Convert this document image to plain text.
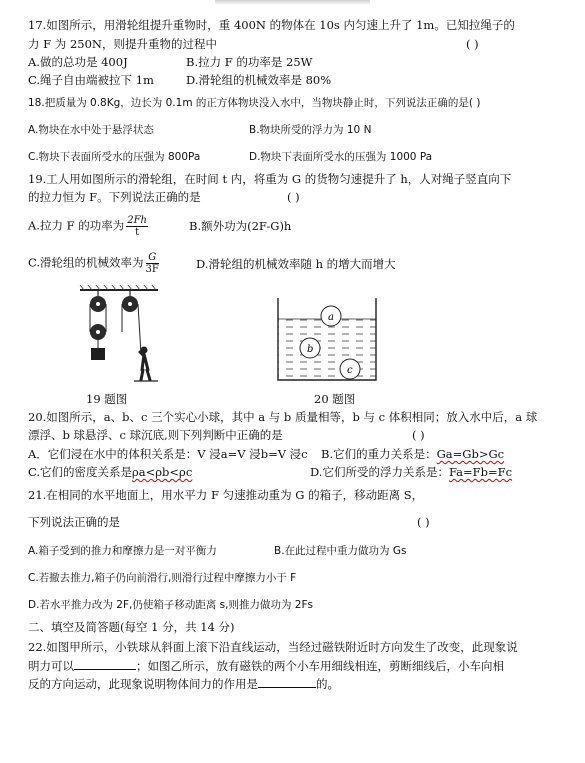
17.如图所示，用滑轮组提升重物时，重 400N 的物体在 10s 内匀速上升了 1m。已知拉绳子的
力 F 为 250N，则提升重物的过程中	( )
A.做的总功是 400J	B.拉力 F 的功率是 25W
C.绳子自由端被拉下 1m	D.滑轮组的机械效率是 80%
18.把质量为 0.8Kg，边长为 0.1m 的正方体物块没入水中，当物块静止时，下列说法正确的是( )
A.物块在水中处于悬浮状态	B.物块所受的浮力为 10 N
C.物块下表面所受水的压强为 800Pa	D.物块下表面所受水的压强为 1000 Pa
19.工人用如图所示的滑轮组，在时间 t 内，将重为 G 的货物匀速提升了 h，人对绳子竖直向下
的拉力恒为 F。下列说法正确的是	( )
A.拉力 F 的功率为 $\frac{2Fh}{t}$	B.额外功为(2F-G)h
C.滑轮组的机械效率为 $\frac{G}{3F}$	D.滑轮组的机械效率随 h 的增大而增大
19 题图
a
b
c
20 题图
20.如图所示，a、b、c 三个实心小球，其中 a 与 b 质量相等，b 与 c 体积相同；放入水中后，a 球
漂浮、b 球悬浮、c 球沉底,则下列判断中正确的是	( )
A．它们浸在水中的体积关系是：V 浸a=V 浸b=V 浸c B.它们的重力关系是：Ga=Gb>Gc
C.它们的密度关系是ρa<ρb<ρc	D.它们所受的浮力关系是：Fa=Fb=Fc
21.在相同的水平地面上，用水平力 F 匀速推动重为 G 的箱子，移动距离 S，
下列说法正确的是	( )
A.箱子受到的推力和摩擦力是一对平衡力	B.在此过程中重力做功为 Gs
C.若撤去推力,箱子仍向前滑行,则滑行过程中摩擦力小于 F
D.若水平推力改为 2F,仍使箱子移动距离 s,则推力做功为 2Fs
二、填空及简答题(每空 1 分，共 14 分)
22.如图甲所示，小铁球从斜面上滚下沿直线运动，当经过磁铁附近时方向发生了改变，此现象说
明力可以	；如图乙所示，放有磁铁的两个小车用细线相连，剪断细线后，小车向相
反的方向运动，此现象说明物体间力的作用是	的。
